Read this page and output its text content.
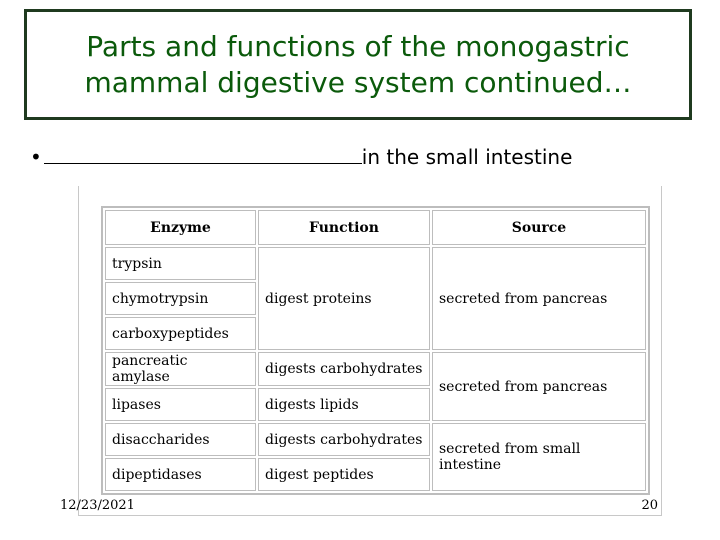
Parts and functions of the monogastric
mammal digestive system continued…
•	in the small intestine
Enzyme	Function	Source
trypsin	digest proteins	secreted from pancreas
chymotrypsin		
carboxypeptides		
pancreatic amylase	digests carbohydrates	secreted from pancreas
lipases	digests lipids	
disaccharides	digests carbohydrates	secreted from small intestine
dipeptidases	digest peptides	
12/23/2021	20
